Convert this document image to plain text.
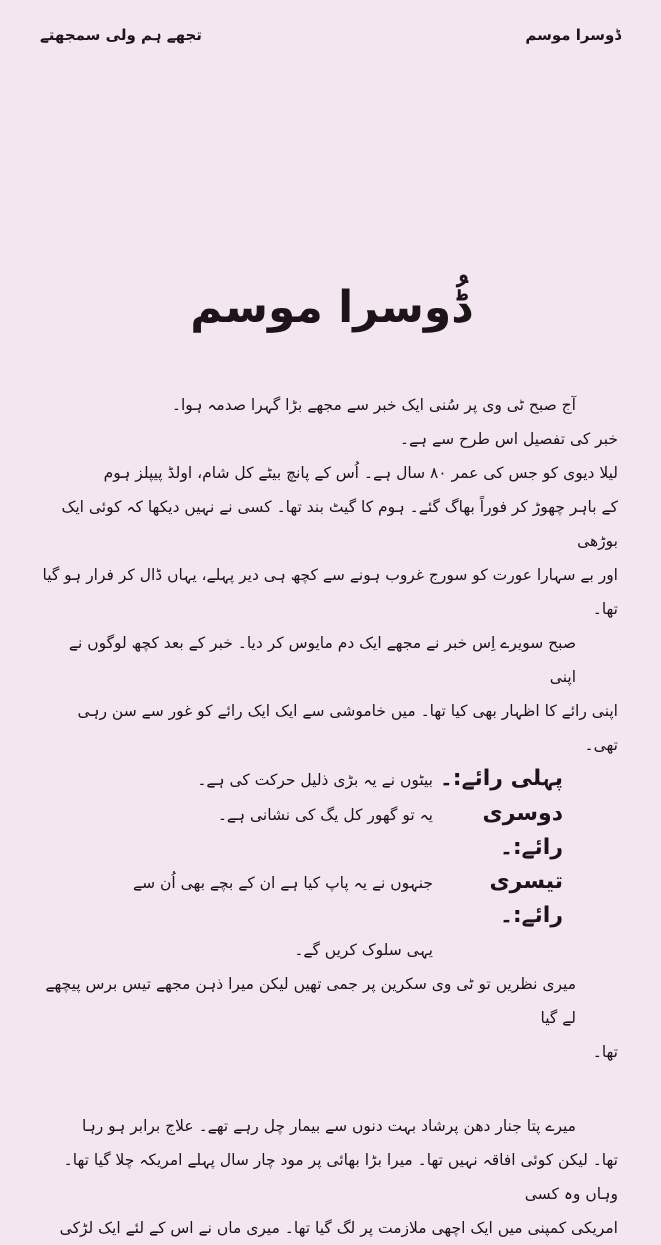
تجھے ہم ولی سمجھتے	ڈوسرا موسم
ڈُوسرا موسم

آج صبح ٹی وی پر سُنی ایک خبر سے مجھے بڑا گہرا صدمہ ہوا۔

خبر کی تفصیل اس طرح سے ہے۔

لیلا دیوی کو جس کی عمر ۸۰ سال ہے۔ اُس کے پانچ بیٹے کل شام، اولڈ پیپلز ہوم

کے باہر چھوڑ کر فوراً بھاگ گئے۔ ہوم کا گیٹ بند تھا۔ کسی نے نہیں دیکھا کہ کوئی ایک بوڑھی

اور بے سہارا عورت کو سورج غروب ہونے سے کچھ ہی دیر پہلے، یہاں ڈال کر فرار ہو گیا تھا۔

صبح سویرے اِس خبر نے مجھے ایک دم مایوس کر دیا۔ خبر کے بعد کچھ لوگوں نے اپنی

اپنی رائے کا اظہار بھی کیا تھا۔ میں خاموشی سے ایک ایک رائے کو غور سے سن رہی تھی۔

پہلی رائے:۔
بیٹوں نے یہ بڑی ذلیل حرکت کی ہے۔
دوسری رائے:۔
یہ تو گھور کل یگ کی نشانی ہے۔
تیسری رائے:۔
جنہوں نے یہ پاپ کیا ہے ان کے بچے بھی اُن سے

یہی سلوک کریں گے۔

میری نظریں تو ٹی وی سکرین پر جمی تھیں لیکن میرا ذہن مجھے تیس برس پیچھے لے گیا

تھا۔

میرے پتا جنار دھن پرشاد بہت دنوں سے بیمار چل رہے تھے۔ علاج برابر ہو رہا

تھا۔ لیکن کوئی افاقہ نہیں تھا۔ میرا بڑا بھائی پر مود چار سال پہلے امریکہ چلا گیا تھا۔ وہاں وہ کسی

امریکی کمپنی میں ایک اچھی ملازمت پر لگ گیا تھا۔ میری ماں نے اس کے لئے ایک لڑکی
